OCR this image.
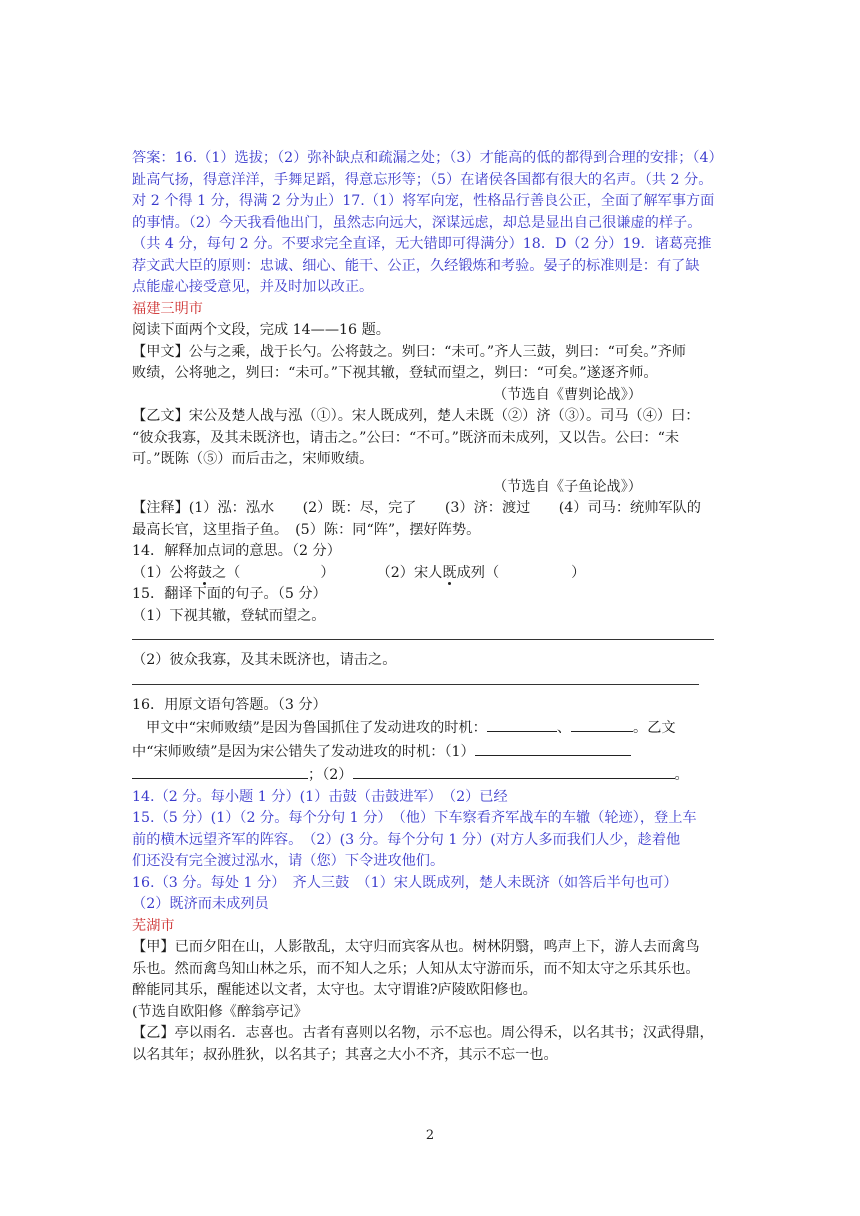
答案：16.（1）选拔；（2）弥补缺点和疏漏之处；（3）才能高的低的都得到合理的安排；（4）

趾高气扬，得意洋洋，手舞足蹈，得意忘形等；（5）在诸侯各国都有很大的名声。（共 2 分。

对 2 个得 1 分，得满 2 分为止）17.（1）将军向宠，性格品行善良公正，全面了解军事方面

的事情。（2）今天我看他出门，虽然志向远大，深谋远虑，却总是显出自己很谦虚的样子。

（共 4 分，每句 2 分。不要求完全直译，无大错即可得满分）18．D（2 分）19．诸葛亮推

荐文武大臣的原则：忠诚、细心、能干、公正，久经锻炼和考验。晏子的标准则是：有了缺

点能虚心接受意见，并及时加以改正。

福建三明市

阅读下面两个文段，完成 14——16 题。

【甲文】公与之乘，战于长勺。公将鼓之。刿曰：“未可。”齐人三鼓，刿曰：“可矣。”齐师

败绩，公将驰之，刿曰：“未可。”下视其辙，登轼而望之，刿曰：“可矣。”遂逐齐师。

（节选自《曹刿论战》）

【乙文】宋公及楚人战与泓（①）。宋人既成列，楚人未既（②）济（③）。司马（④）曰：

“彼众我寡，及其未既济也，请击之。”公曰：“不可。”既济而未成列，又以告。公曰：“未

可。”既陈（⑤）而后击之，宋师败绩。

（节选自《子鱼论战》）

【注释】(1）泓：泓水　　(2）既：尽，完了　　(3）济：渡过　　(4）司马：统帅军队的

最高长官，这里指子鱼。　(5）陈：同“阵”，摆好阵势。

14．解释加点词的意思。（2 分）

（1）公将鼓之（	）	（2）宋人既成列（	）

15．翻译下面的句子。（5 分）

（1）下视其辙，登轼而望之。

（2）彼众我寡，及其未既济也，请击之。

16．用原文语句答题。（3 分）

甲文中“宋师败绩”是因为鲁国抓住了发动进攻的时机：	、	。乙文

中“宋师败绩”是因为宋公错失了发动进攻的时机：（1）

；（2）	。

14.（2 分。每小题 1 分）(1）击鼓（击鼓进军）　（2）已经

15.（5 分）(1）（2 分。每个分句 1 分）　（他）下车察看齐军战车的车辙（轮迹），登上车

前的横木远望齐军的阵容。　（2）(3 分。每个分句 1 分）(对方人多而我们人少，趁着他

们还没有完全渡过泓水，请（您）下令进攻他们。

16.（3 分。每处 1 分）　齐人三鼓　（1）宋人既成列，楚人未既济（如答后半句也可）

（2）既济而未成列员

芜湖市

【甲】已而夕阳在山，人影散乱，太守归而宾客从也。树林阴翳，鸣声上下，游人去而禽鸟

乐也。然而禽鸟知山林之乐，而不知人之乐；人知从太守游而乐，而不知太守之乐其乐也。

醉能同其乐，醒能述以文者，太守也。太守谓谁?庐陵欧阳修也。

(节选自欧阳修《醉翁亭记》

【乙】亭以雨名．志喜也。古者有喜则以名物，示不忘也。周公得禾，以名其书；汉武得鼎，

以名其年；叔孙胜狄，以名其子；其喜之大小不齐，其示不忘一也。

2
